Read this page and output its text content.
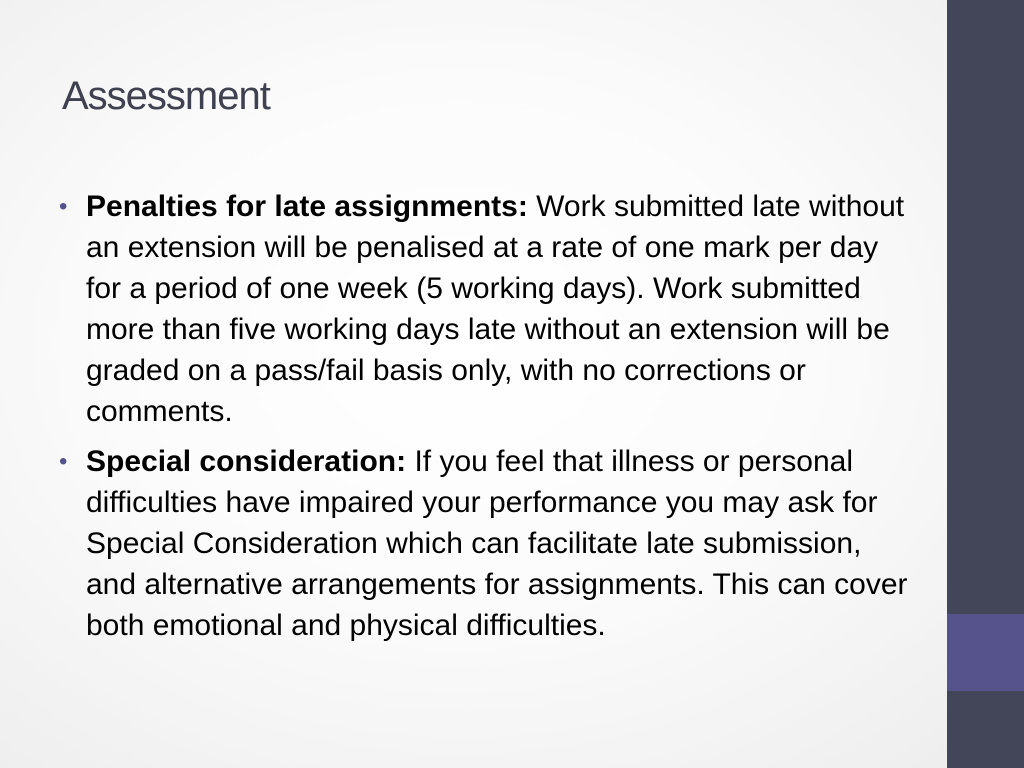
Assessment
• Penalties for late assignments: Work submitted late without an extension will be penalised at a rate of one mark per day for a period of one week (5 working days). Work submitted more than five working days late without an extension will be graded on a pass/fail basis only, with no corrections or comments.
• Special consideration: If you feel that illness or personal difficulties have impaired your performance you may ask for Special Consideration which can facilitate late submission, and alternative arrangements for assignments. This can cover both emotional and physical difficulties.
